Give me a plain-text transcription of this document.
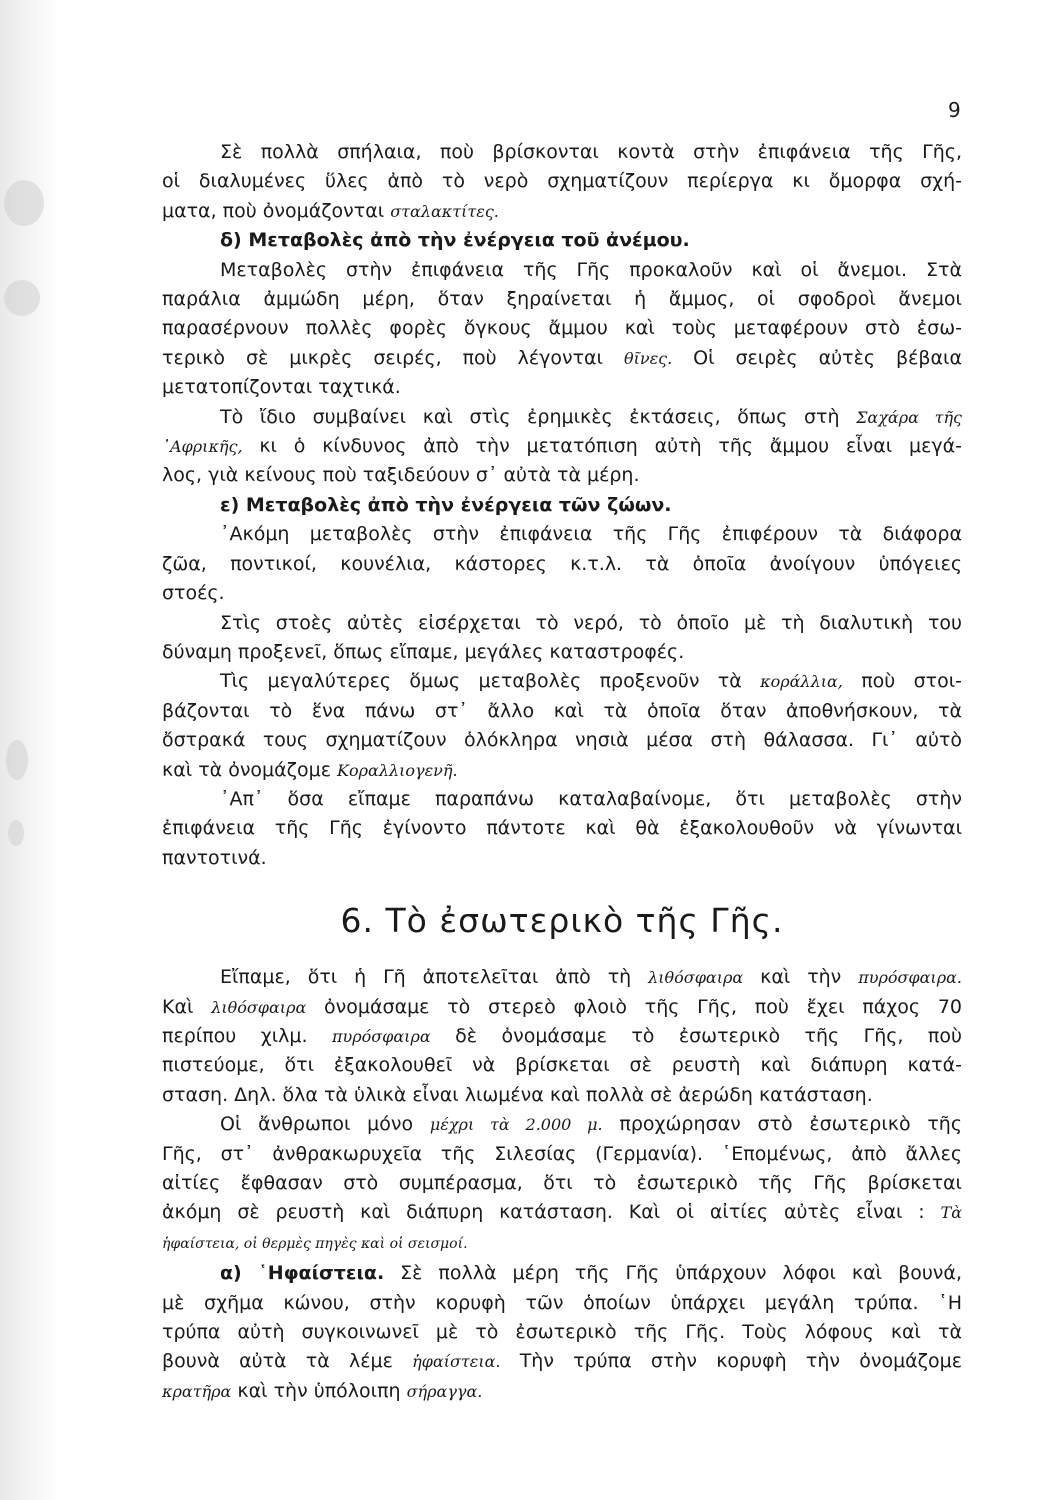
9
Σὲ πολλὰ σπήλαια, ποὺ βρίσκονται κοντὰ στὴν ἐπιφάνεια τῆς Γῆς,
οἱ διαλυμένες ὕλες ἀπὸ τὸ νερὸ σχηματίζουν περίεργα κι ὄμορφα σχή-
ματα, ποὺ ὀνομάζονται σταλακτίτες.
δ) Μεταβολὲς ἀπὸ τὴν ἐνέργεια τοῦ ἀνέμου.
Μεταβολὲς στὴν ἐπιφάνεια τῆς Γῆς προκαλοῦν καὶ οἱ ἄνεμοι. Στὰ
παράλια ἀμμώδη μέρη, ὅταν ξηραίνεται ἡ ἄμμος, οἱ σφοδροὶ ἄνεμοι
παρασέρνουν πολλὲς φορὲς ὄγκους ἄμμου καὶ τοὺς μεταφέρουν στὸ ἐσω-
τερικὸ σὲ μικρὲς σειρές, ποὺ λέγονται θῖνες. Οἱ σειρὲς αὐτὲς βέβαια
μετατοπίζονται ταχτικά.
Τὸ ἴδιο συμβαίνει καὶ στὶς ἐρημικὲς ἐκτάσεις, ὅπως στὴ Σαχάρα τῆς
᾿Αφρικῆς, κι ὁ κίνδυνος ἀπὸ τὴν μετατόπιση αὐτὴ τῆς ἄμμου εἶναι μεγά-
λος, γιὰ κείνους ποὺ ταξιδεύουν σ᾿ αὐτὰ τὰ μέρη.
ε) Μεταβολὲς ἀπὸ τὴν ἐνέργεια τῶν ζώων.
᾿Ακόμη μεταβολὲς στὴν ἐπιφάνεια τῆς Γῆς ἐπιφέρουν τὰ διάφορα
ζῶα, ποντικοί, κουνέλια, κάστορες κ.τ.λ. τὰ ὁποῖα ἀνοίγουν ὑπόγειες
στοές.
Στὶς στοὲς αὐτὲς εἰσέρχεται τὸ νερό, τὸ ὁποῖο μὲ τὴ διαλυτικὴ του
δύναμη προξενεῖ, ὅπως εἴπαμε, μεγάλες καταστροφές.
Τὶς μεγαλύτερες ὅμως μεταβολὲς προξενοῦν τὰ κοράλλια, ποὺ στοι-
βάζονται τὸ ἕνα πάνω στ᾿ ἄλλο καὶ τὰ ὁποῖα ὅταν ἀποθνήσκουν, τὰ
ὄστρακά τους σχηματίζουν ὁλόκληρα νησιὰ μέσα στὴ θάλασσα. Γι᾿ αὐτὸ
καὶ τὰ ὀνομάζομε Κοραλλιογενῆ.
᾿Απ᾿ ὅσα εἴπαμε παραπάνω καταλαβαίνομε, ὅτι μεταβολὲς στὴν
ἐπιφάνεια τῆς Γῆς ἐγίνοντο πάντοτε καὶ θὰ ἐξακολουθοῦν νὰ γίνωνται
παντοτινά.
6. Τὸ ἐσωτερικὸ τῆς Γῆς.
Εἴπαμε, ὅτι ἡ Γῆ ἀποτελεῖται ἀπὸ τὴ λιθόσφαιρα καὶ τὴν πυρόσφαιρα.
Καὶ λιθόσφαιρα ὀνομάσαμε τὸ στερεὸ φλοιὸ τῆς Γῆς, ποὺ ἔχει πάχος 70
περίπου χιλμ. πυρόσφαιρα δὲ ὀνομάσαμε τὸ ἐσωτερικὸ τῆς Γῆς, ποὺ
πιστεύομε, ὅτι ἐξακολουθεῖ νὰ βρίσκεται σὲ ρευστὴ καὶ διάπυρη κατά-
σταση. Δηλ. ὅλα τὰ ὑλικὰ εἶναι λιωμένα καὶ πολλὰ σὲ ἀερώδη κατάσταση.
Οἱ ἄνθρωποι μόνο μέχρι τὰ 2.000 μ. προχώρησαν στὸ ἐσωτερικὸ τῆς
Γῆς, στ᾿ ἀνθρακωρυχεῖα τῆς Σιλεσίας (Γερμανία). ῾Επομένως, ἀπὸ ἄλλες
αἰτίες ἔφθασαν στὸ συμπέρασμα, ὅτι τὸ ἐσωτερικὸ τῆς Γῆς βρίσκεται
ἀκόμη σὲ ρευστὴ καὶ διάπυρη κατάσταση. Καὶ οἱ αἰτίες αὐτὲς εἶναι : Τὰ
ἡφαίστεια, οἱ θερμὲς πηγὲς καὶ οἱ σεισμοί.
α) ῾Ηφαίστεια. Σὲ πολλὰ μέρη τῆς Γῆς ὑπάρχουν λόφοι καὶ βουνά,
μὲ σχῆμα κώνου, στὴν κορυφὴ τῶν ὁποίων ὑπάρχει μεγάλη τρύπα. ῾Η
τρύπα αὐτὴ συγκοινωνεῖ μὲ τὸ ἐσωτερικὸ τῆς Γῆς. Τοὺς λόφους καὶ τὰ
βουνὰ αὐτὰ τὰ λέμε ἡφαίστεια. Τὴν τρύπα στὴν κορυφὴ τὴν ὀνομάζομε
κρατῆρα καὶ τὴν ὑπόλοιπη σήραγγα.
